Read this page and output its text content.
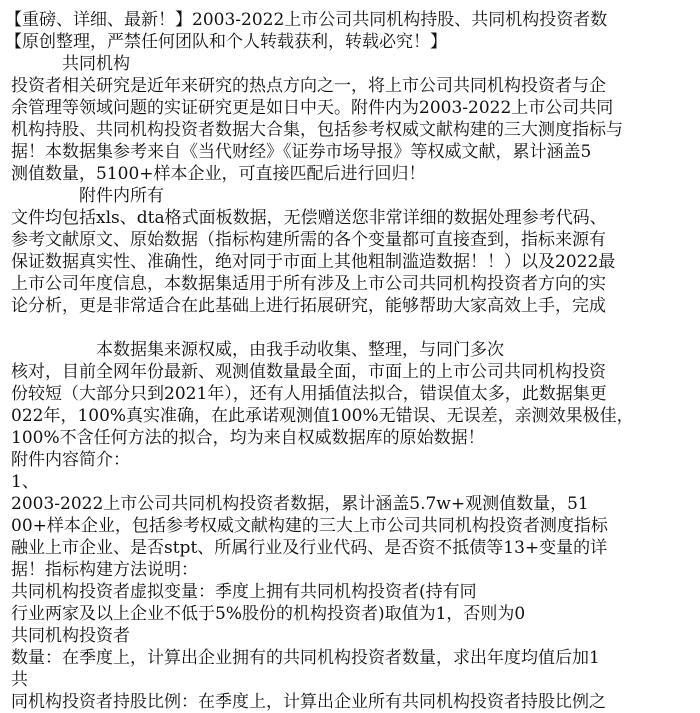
【重磅、详细、最新！】2003-2022上市公司共同机构持股、共同机构投资者数
【原创整理，严禁任何团队和个人转载获利，转载必究！】
　　　共同机构
投资者相关研究是近年来研究的热点方向之一，将上市公司共同机构投资者与企
余管理等领域问题的实证研究更是如日中天。附件内为2003-2022上市公司共同
机构持股、共同机构投资者数据大合集，包括参考权威文献构建的三大测度指标与
据！本数据集参考来自《当代财经》《证券市场导报》等权威文献，累计涵盖5
测值数量，5100+样本企业，可直接匹配后进行回归！
　　　　附件内所有
文件均包括xls、dta格式面板数据，无偿赠送您非常详细的数据处理参考代码、
参考文献原文、原始数据（指标构建所需的各个变量都可直接查到，指标来源有
保证数据真实性、准确性，绝对同于市面上其他粗制滥造数据！！）以及2022最
上市公司年度信息，本数据集适用于所有涉及上市公司共同机构投资者方向的实
论分析，更是非常适合在此基础上进行拓展研究，能够帮助大家高效上手，完成
　　　　　本数据集来源权威，由我手动收集、整理，与同门多次
核对，目前全网年份最新、观测值数量最全面，市面上的上市公司共同机构投资
份较短（大部分只到2021年），还有人用插值法拟合，错误值太多，此数据集更
022年，100%真实准确，在此承诺观测值100%无错误、无误差，亲测效果极佳，
100%不含任何方法的拟合，均为来自权威数据库的原始数据！
附件内容简介：
1、
2003-2022上市公司共同机构投资者数据，累计涵盖5.7w+观测值数量，51
00+样本企业，包括参考权威文献构建的三大上市公司共同机构投资者测度指标
融业上市企业、是否stpt、所属行业及行业代码、是否资不抵债等13+变量的详
据！指标构建方法说明：
共同机构投资者虚拟变量：季度上拥有共同机构投资者(持有同
行业两家及以上企业不低于5%股份的机构投资者)取值为1，否则为0
共同机构投资者
数量：在季度上，计算出企业拥有的共同机构投资者数量，求出年度均值后加1
共
同机构投资者持股比例：在季度上，计算出企业所有共同机构投资者持股比例之
